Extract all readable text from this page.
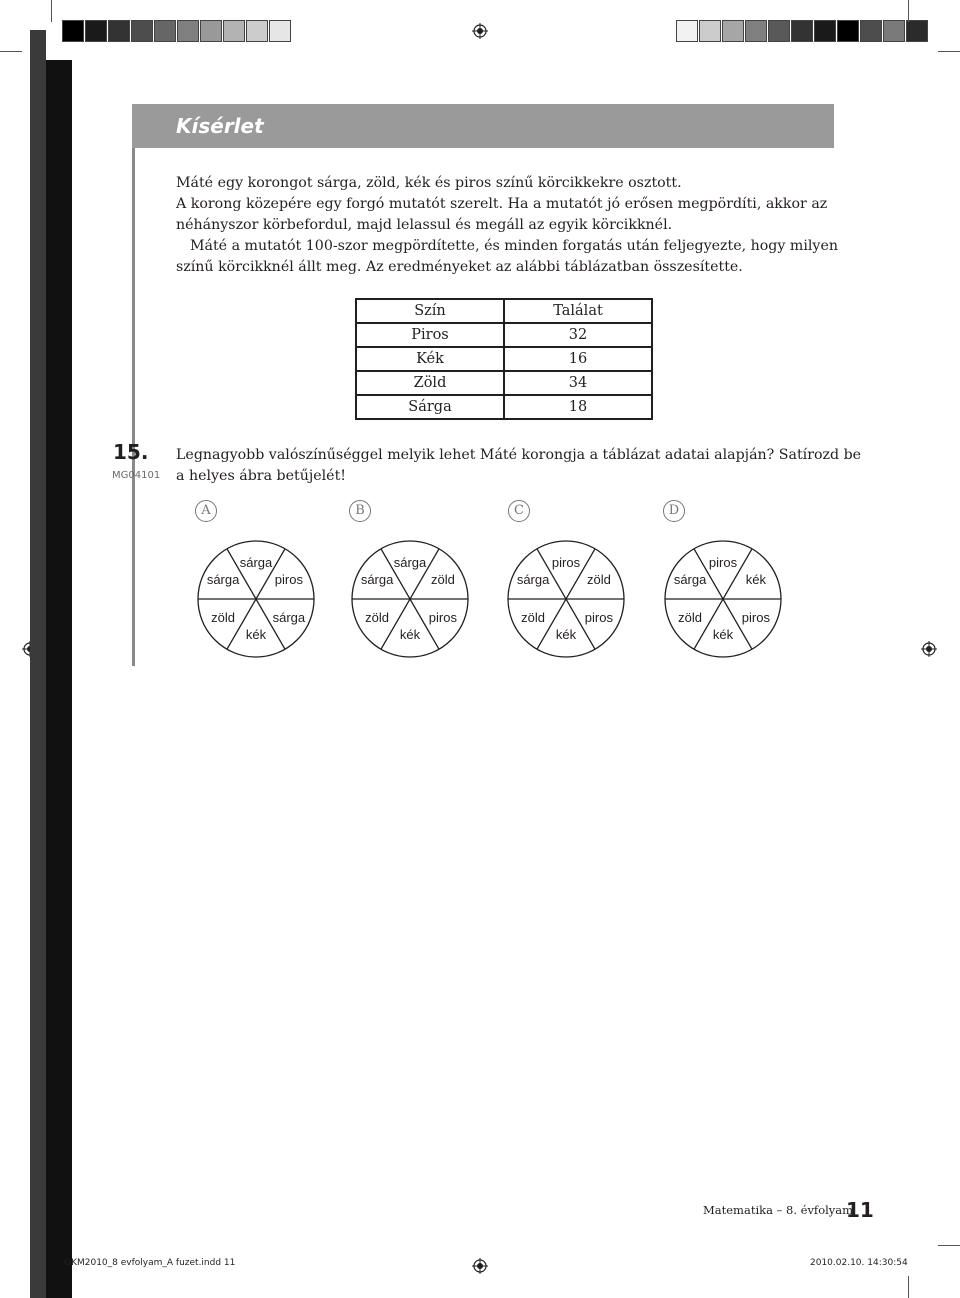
Kísérlet

Máté egy korongot sárga, zöld, kék és piros színű körcikkekre osztott.

A korong közepére egy forgó mutatót szerelt. Ha a mutatót jó erősen megpördíti, akkor az

néhányszor körbefordul, majd lelassul és megáll az egyik körcikknél.

Máté a mutatót 100-szor megpördítette, és minden forgatás után feljegyezte, hogy milyen

színű körcikknél állt meg. Az eredményeket az alábbi táblázatban összesítette.

Szín	Találat
Piros	32
Kék	16
Zöld	34
Sárga	18
15.
MG04101

Legnagyobb valószínűséggel melyik lehet Máté korongja a táblázat adatai alapján? Satírozd be

a helyes ábra betűjelét!

A	B	C	D
sárga
piros
sárga
kék
zöld
sárga
sárga
zöld
piros
kék
zöld
sárga
piros
zöld
piros
kék
zöld
sárga
piros
kék
piros
kék
zöld
sárga
Matematika – 8. évfolyam
11
OKM2010_8 evfolyam_A fuzet.indd 11	2010.02.10. 14:30:54
